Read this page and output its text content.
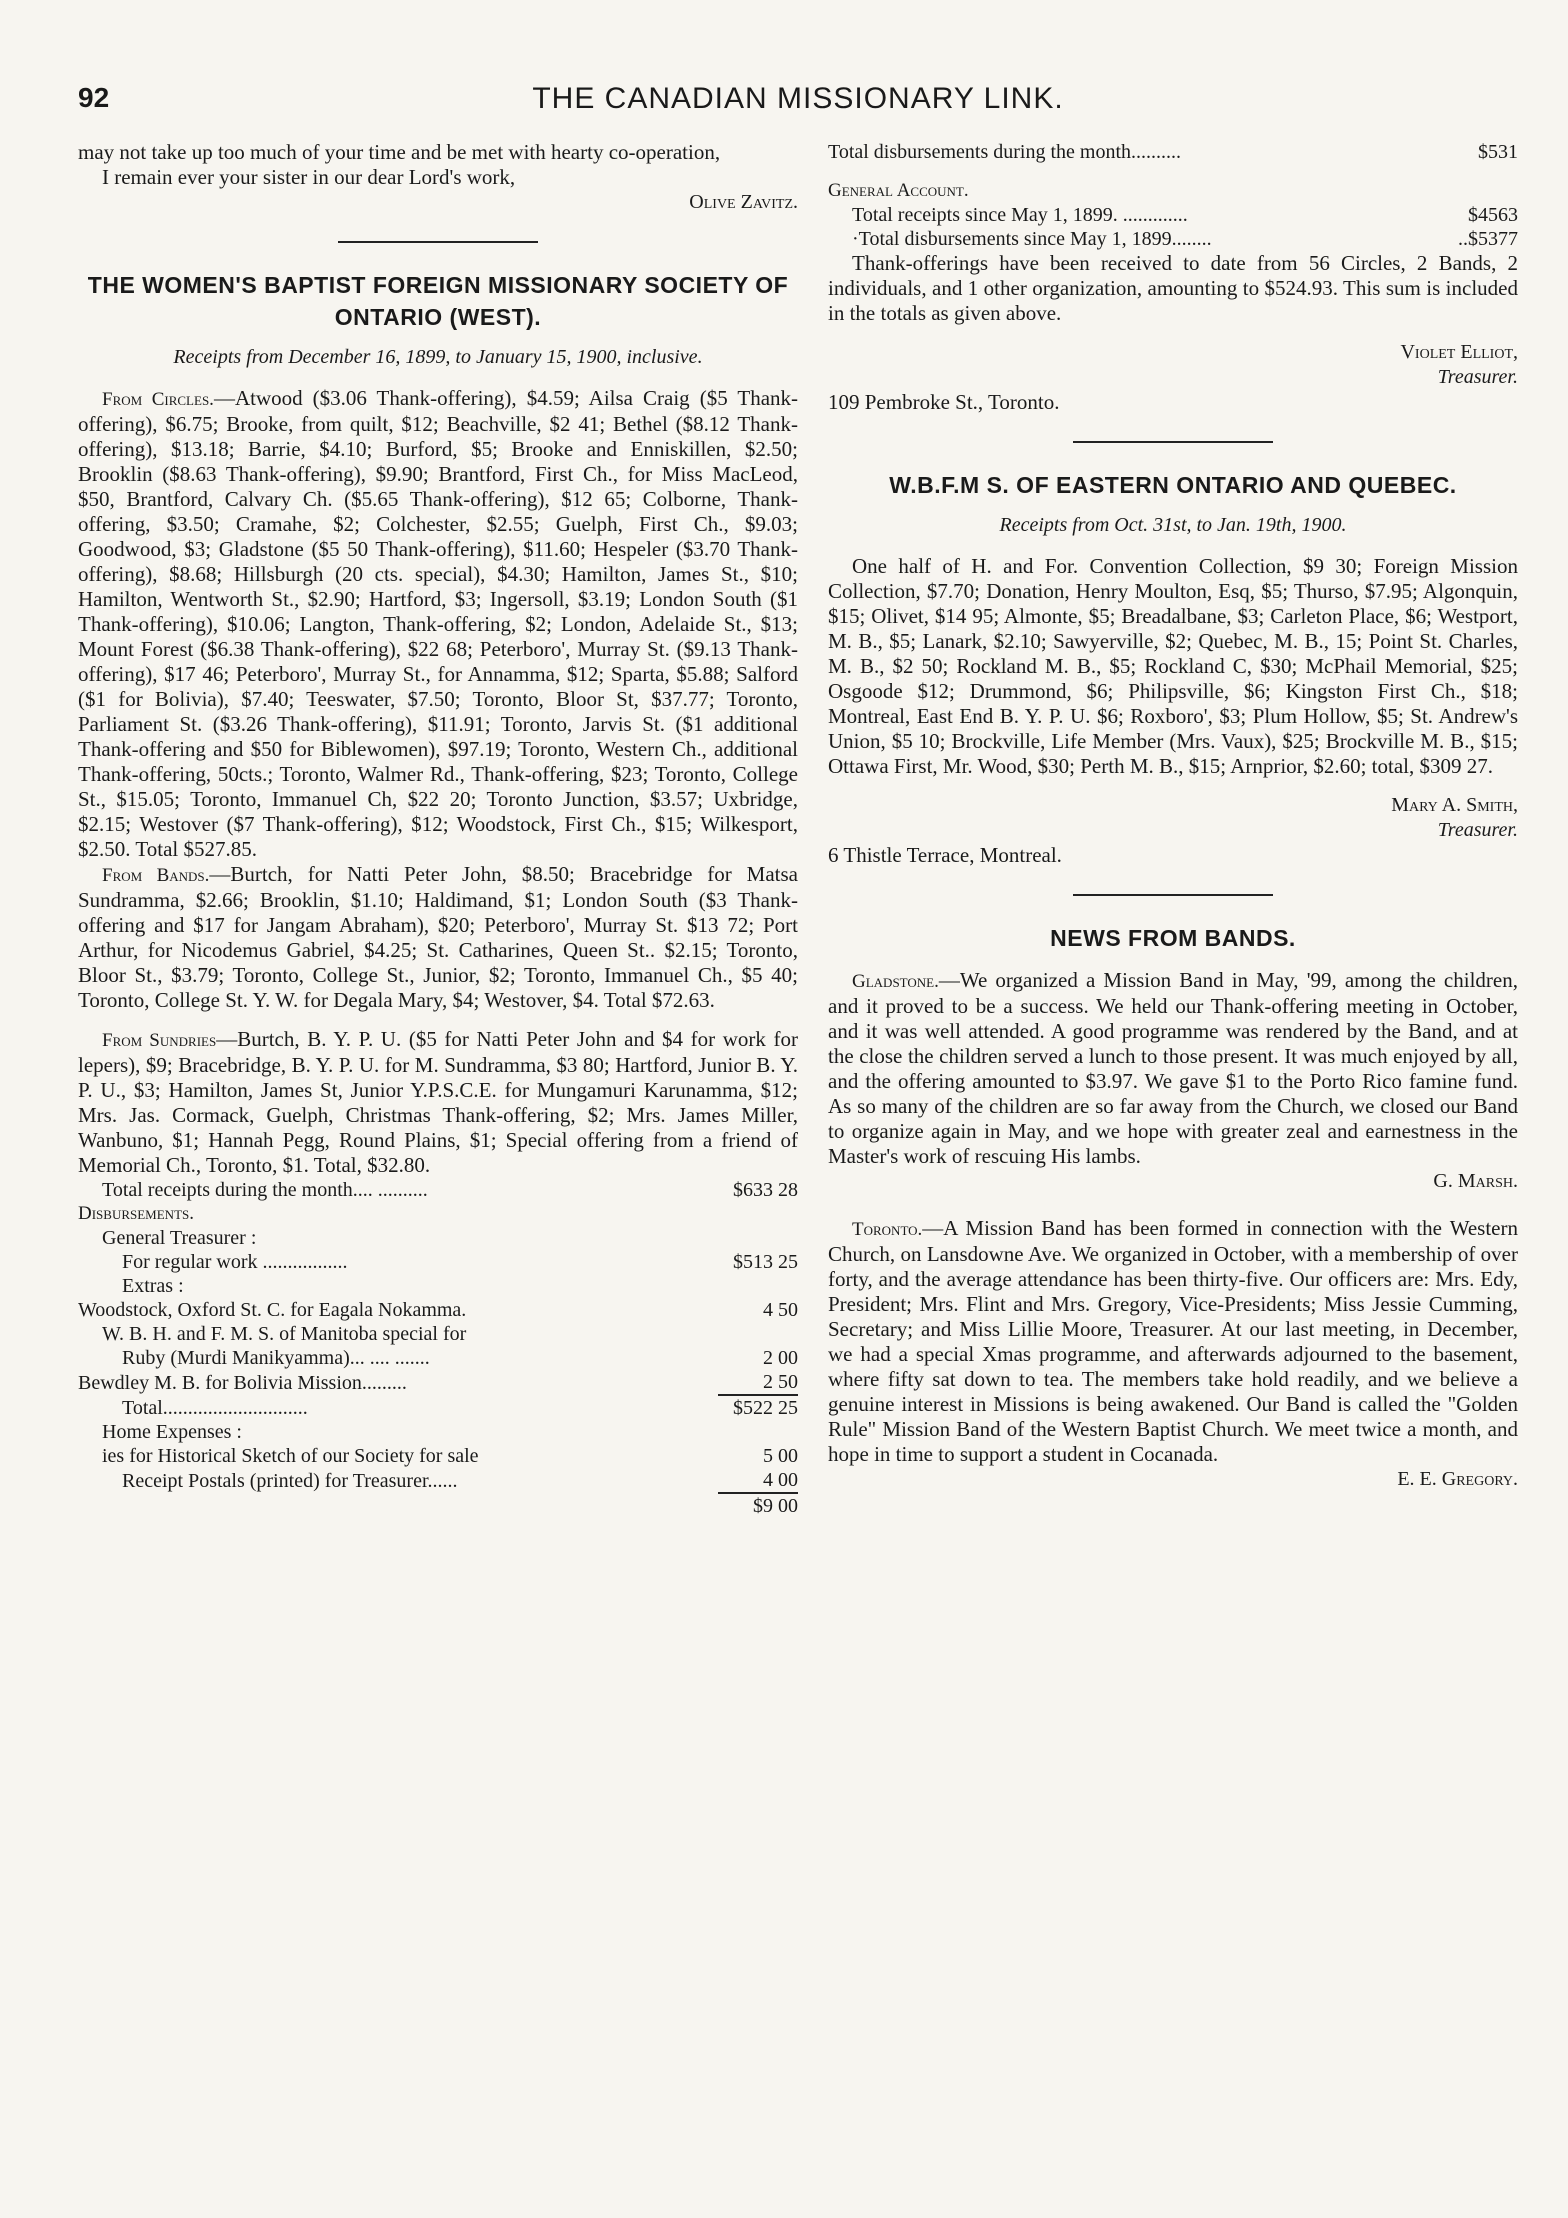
92	THE CANADIAN MISSIONARY LINK.

may not take up too much of your time and be met with hearty co-operation,

I remain ever your sister in our dear Lord's work,

Olive Zavitz.

THE WOMEN'S BAPTIST FOREIGN MISSIONARY SOCIETY OF ONTARIO (WEST).
Receipts from December 16, 1899, to January 15, 1900, inclusive.

From Circles.—Atwood ($3.06 Thank-offering), $4.59; Ailsa Craig ($5 Thank-offering), $6.75; Brooke, from quilt, $12; Beachville, $2 41; Bethel ($8.12 Thank-offering), $13.18; Barrie, $4.10; Burford, $5; Brooke and Enniskillen, $2.50; Brooklin ($8.63 Thank-offering), $9.90; Brantford, First Ch., for Miss MacLeod, $50, Brantford, Calvary Ch. ($5.65 Thank-offering), $12 65; Colborne, Thank-offering, $3.50; Cramahe, $2; Colchester, $2.55; Guelph, First Ch., $9.03; Goodwood, $3; Gladstone ($5 50 Thank-offering), $11.60; Hespeler ($3.70 Thank-offering), $8.68; Hillsburgh (20 cts. special), $4.30; Hamilton, James St., $10; Hamilton, Wentworth St., $2.90; Hartford, $3; Ingersoll, $3.19; London South ($1 Thank-offering), $10.06; Langton, Thank-offering, $2; London, Adelaide St., $13; Mount Forest ($6.38 Thank-offering), $22 68; Peterboro', Murray St. ($9.13 Thank-offering), $17 46; Peterboro', Murray St., for Annamma, $12; Sparta, $5.88; Salford ($1 for Bolivia), $7.40; Teeswater, $7.50; Toronto, Bloor St, $37.77; Toronto, Parliament St. ($3.26 Thank-offering), $11.91; Toronto, Jarvis St. ($1 additional Thank-offering and $50 for Biblewomen), $97.19; Toronto, Western Ch., additional Thank-offering, 50cts.; Toronto, Walmer Rd., Thank-offering, $23; Toronto, College St., $15.05; Toronto, Immanuel Ch, $22 20; Toronto Junction, $3.57; Uxbridge, $2.15; Westover ($7 Thank-offering), $12; Woodstock, First Ch., $15; Wilkesport, $2.50. Total $527.85.

From Bands.—Burtch, for Natti Peter John, $8.50; Bracebridge for Matsa Sundramma, $2.66; Brooklin, $1.10; Haldimand, $1; London South ($3 Thank-offering and $17 for Jangam Abraham), $20; Peterboro', Murray St. $13 72; Port Arthur, for Nicodemus Gabriel, $4.25; St. Catharines, Queen St.. $2.15; Toronto, Bloor St., $3.79; Toronto, College St., Junior, $2; Toronto, Immanuel Ch., $5 40; Toronto, College St. Y. W. for Degala Mary, $4; Westover, $4. Total $72.63.

From Sundries—Burtch, B. Y. P. U. ($5 for Natti Peter John and $4 for work for lepers), $9; Bracebridge, B. Y. P. U. for M. Sundramma, $3 80; Hartford, Junior B. Y. P. U., $3; Hamilton, James St, Junior Y.P.S.C.E. for Mungamuri Karunamma, $12; Mrs. Jas. Cormack, Guelph, Christmas Thank-offering, $2; Mrs. James Miller, Wanbuno, $1; Hannah Pegg, Round Plains, $1; Special offering from a friend of Memorial Ch., Toronto, $1. Total, $32.80.

Total receipts during the month.... ..........	$633 28
Disbursements.	
General Treasurer :	
For regular work .................	$513 25
Extras :	
Woodstock, Oxford St. C. for Eagala Nokamma.	4 50
W. B. H. and F. M. S. of Manitoba special for	
Ruby (Murdi Manikyamma)... .... .......	2 00
Bewdley M. B. for Bolivia Mission.........	2 50
Total.............................	$522 25
Home Expenses :	
ies for Historical Sketch of our Society for sale	5 00
Receipt Postals (printed) for Treasurer......	4 00
	$9 00
Total disbursements during the month..........	$531

General Account.

Total receipts since May 1, 1899. .............	$4563
·Total disbursements since May 1, 1899........	..$5377

Thank-offerings have been received to date from 56 Circles, 2 Bands, 2 individuals, and 1 other organization, amounting to $524.93. This sum is included in the totals as given above.

Violet Elliot,

Treasurer.

109 Pembroke St., Toronto.

W.B.F.M S. OF EASTERN ONTARIO AND QUEBEC.
Receipts from Oct. 31st, to Jan. 19th, 1900.

One half of H. and For. Convention Collection, $9 30; Foreign Mission Collection, $7.70; Donation, Henry Moulton, Esq, $5; Thurso, $7.95; Algonquin, $15; Olivet, $14 95; Almonte, $5; Breadalbane, $3; Carleton Place, $6; Westport, M. B., $5; Lanark, $2.10; Sawyerville, $2; Quebec, M. B., 15; Point St. Charles, M. B., $2 50; Rockland M. B., $5; Rockland C, $30; McPhail Memorial, $25; Osgoode $12; Drummond, $6; Philipsville, $6; Kingston First Ch., $18; Montreal, East End B. Y. P. U. $6; Roxboro', $3; Plum Hollow, $5; St. Andrew's Union, $5 10; Brockville, Life Member (Mrs. Vaux), $25; Brockville M. B., $15; Ottawa First, Mr. Wood, $30; Perth M. B., $15; Arnprior, $2.60; total, $309 27.

Mary A. Smith,

Treasurer.

6 Thistle Terrace, Montreal.

NEWS FROM BANDS.

Gladstone.—We organized a Mission Band in May, '99, among the children, and it proved to be a success. We held our Thank-offering meeting in October, and it was well attended. A good programme was rendered by the Band, and at the close the children served a lunch to those present. It was much enjoyed by all, and the offering amounted to $3.97. We gave $1 to the Porto Rico famine fund. As so many of the children are so far away from the Church, we closed our Band to organize again in May, and we hope with greater zeal and earnestness in the Master's work of rescuing His lambs.

G. Marsh.

Toronto.—A Mission Band has been formed in connection with the Western Church, on Lansdowne Ave. We organized in October, with a membership of over forty, and the average attendance has been thirty-five. Our officers are: Mrs. Edy, President; Mrs. Flint and Mrs. Gregory, Vice-Presidents; Miss Jessie Cumming, Secretary; and Miss Lillie Moore, Treasurer. At our last meeting, in December, we had a special Xmas programme, and afterwards adjourned to the basement, where fifty sat down to tea. The members take hold readily, and we believe a genuine interest in Missions is being awakened. Our Band is called the "Golden Rule" Mission Band of the Western Baptist Church. We meet twice a month, and hope in time to support a student in Cocanada.

E. E. Gregory.
